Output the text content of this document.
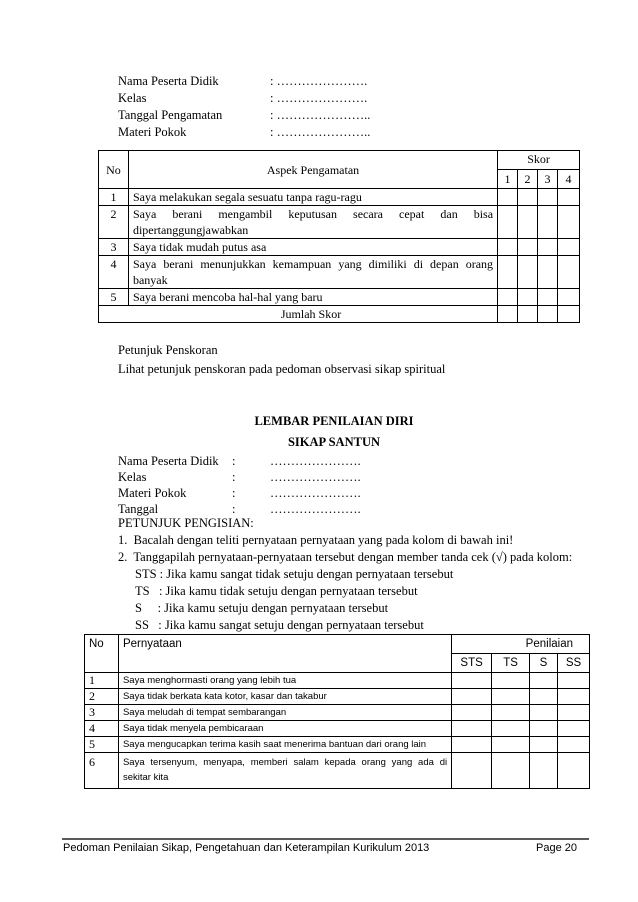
Nama Peserta Didik	: ………………….
Kelas	: ………………….
Tanggal Pengamatan	: …………………..
Materi Pokok	: …………………..
No	Aspek Pengamatan	Skor			
		1	2	3	4
1	Saya melakukan segala sesuatu tanpa ragu-ragu				

2	Saya berani mengambil keputusan secara cepat dan bisa
dipertanggungjawabkan				

3	Saya tidak mudah putus asa				

4	Saya berani menunjukkan kemampuan yang dimiliki di depan orang
banyak				

5	Saya berani mencoba hal-hal yang baru				

Jumlah Skor					
Petunjuk Penskoran
Lihat petunjuk penskoran pada pedoman observasi sikap spiritual
LEMBAR PENILAIAN DIRI
SIKAP SANTUN
Nama Peserta Didik :	………………….
Kelas	:	………………….
Materi Pokok	:	………………….
Tanggal	:	………………….
PETUNJUK PENGISIAN:
1.  Bacalah dengan teliti pernyataan pernyataan yang pada kolom di bawah ini!
2.  Tanggapilah pernyataan-pernyataan tersebut dengan member tanda cek (√) pada kolom:
STS : Jika kamu sangat tidak setuju dengan pernyataan tersebut
TS   : Jika kamu tidak setuju dengan pernyataan tersebut
S     : Jika kamu setuju dengan pernyataan tersebut
SS   : Jika kamu sangat setuju dengan pernyataan tersebut
No	Pernyataan	Penilaian			
		STS	TS	S	SS
1	Saya menghormasti orang yang lebih tua				

2	Saya tidak berkata kata kotor, kasar dan takabur				

3	Saya meludah di tempat sembarangan				

4	Saya tidak menyela pembicaraan				

5	Saya mengucapkan terima kasih saat menerima bantuan dari orang lain				

6	Saya tersenyum, menyapa, memberi salam kepada orang yang ada di
sekitar kita				

Pedoman Penilaian Sikap, Pengetahuan dan Keterampilan Kurikulum 2013	Page 20
